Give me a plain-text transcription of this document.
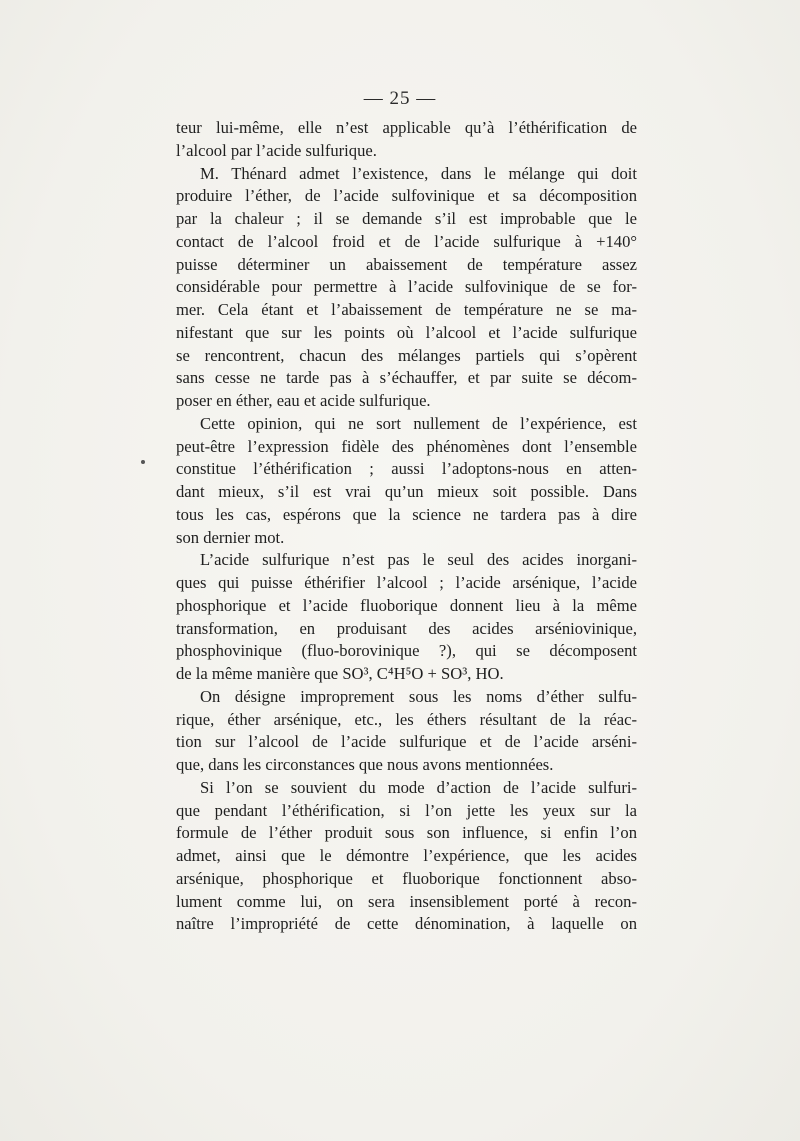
— 25 —
teur lui-même, elle n’est applicable qu’à l’éthérification de
l’alcool par l’acide sulfurique.
M. Thénard admet l’existence, dans le mélange qui doit
produire l’éther, de l’acide sulfovinique et sa décomposition
par la chaleur ; il se demande s’il est improbable que le
contact de l’alcool froid et de l’acide sulfurique à +140°
puisse déterminer un abaissement de température assez
considérable pour permettre à l’acide sulfovinique de se for-
mer. Cela étant et l’abaissement de température ne se ma-
nifestant que sur les points où l’alcool et l’acide sulfurique
se rencontrent, chacun des mélanges partiels qui s’opèrent
sans cesse ne tarde pas à s’échauffer, et par suite se décom-
poser en éther, eau et acide sulfurique.
Cette opinion, qui ne sort nullement de l’expérience, est
peut-être l’expression fidèle des phénomènes dont l’ensemble
constitue l’éthérification ; aussi l’adoptons-nous en atten-
dant mieux, s’il est vrai qu’un mieux soit possible. Dans
tous les cas, espérons que la science ne tardera pas à dire
son dernier mot.
L’acide sulfurique n’est pas le seul des acides inorgani-
ques qui puisse éthérifier l’alcool ; l’acide arsénique, l’acide
phosphorique et l’acide fluoborique donnent lieu à la même
transformation, en produisant des acides arséniovinique,
phosphovinique (fluo-borovinique ?), qui se décomposent
de la même manière que SO³, C⁴H⁵O + SO³, HO.
On désigne improprement sous les noms d’éther sulfu-
rique, éther arsénique, etc., les éthers résultant de la réac-
tion sur l’alcool de l’acide sulfurique et de l’acide arséni-
que, dans les circonstances que nous avons mentionnées.
Si l’on se souvient du mode d’action de l’acide sulfuri-
que pendant l’éthérification, si l’on jette les yeux sur la
formule de l’éther produit sous son influence, si enfin l’on
admet, ainsi que le démontre l’expérience, que les acides
arsénique, phosphorique et fluoborique fonctionnent abso-
lument comme lui, on sera insensiblement porté à recon-
naître l’impropriété de cette dénomination, à laquelle on
